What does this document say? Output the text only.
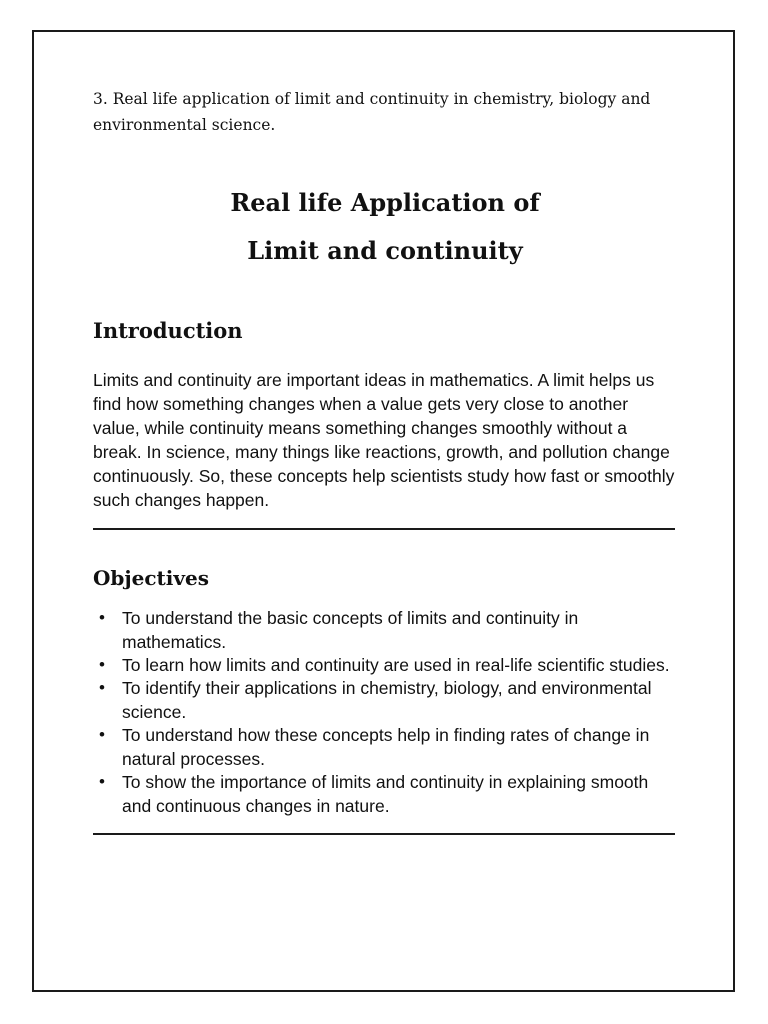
3. Real life application of limit and continuity in chemistry, biology and environmental science.

Real life Application of
Limit and continuity
Introduction

Limits and continuity are important ideas in mathematics. A limit helps us find how something changes when a value gets very close to another value, while continuity means something changes smoothly without a break. In science, many things like reactions, growth, and pollution change continuously. So, these concepts help scientists study how fast or smoothly such changes happen.

Objectives
• To understand the basic concepts of limits and continuity in mathematics.
• To learn how limits and continuity are used in real-life scientific studies.
• To identify their applications in chemistry, biology, and environmental science.
• To understand how these concepts help in finding rates of change in natural processes.
• To show the importance of limits and continuity in explaining smooth and continuous changes in nature.
